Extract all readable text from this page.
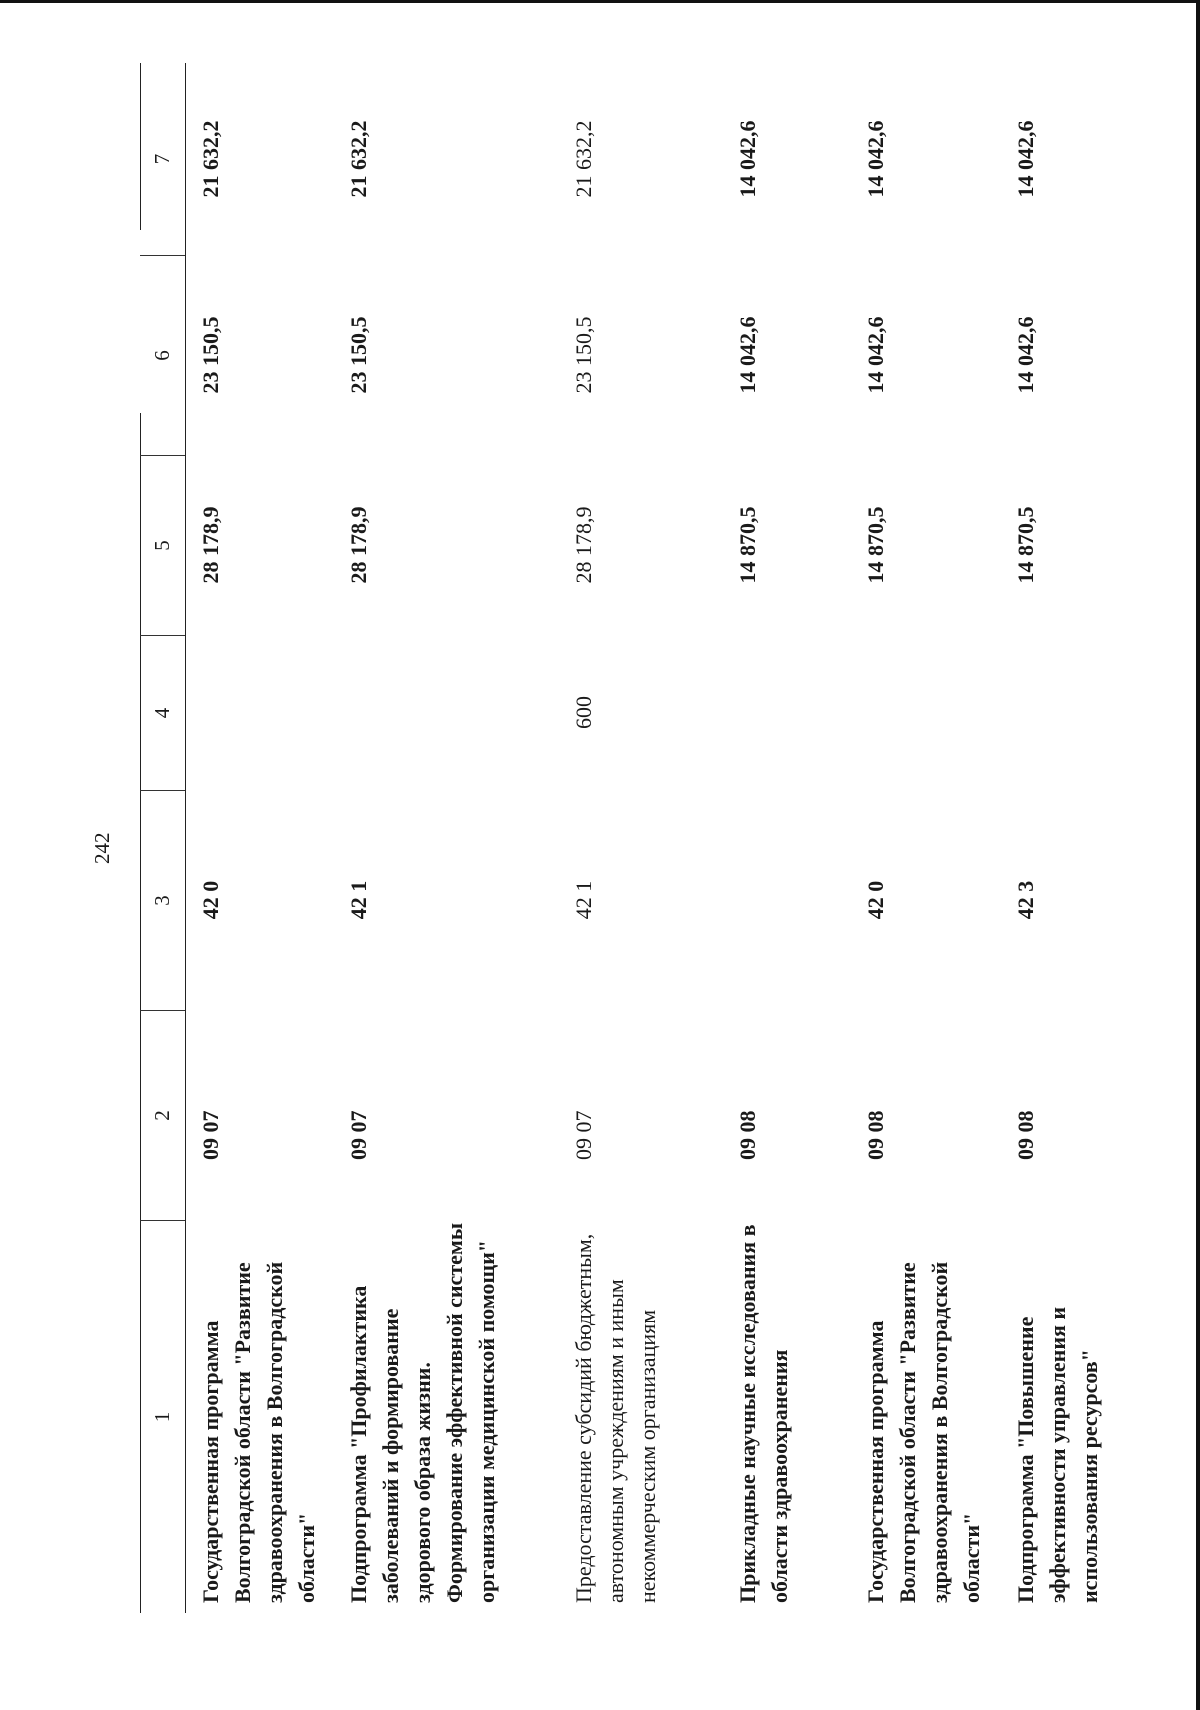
242
1
2
3
4
5
6
7
Государственная программа Волгоградской области "Развитие здравоохранения в Волгоградской области"
09 07
42 0
28 178,9
23 150,5
21 632,2
Подпрограмма "Профилактика заболеваний и формирование здорового образа жизни. Формирование эффективной системы организации медицинской помощи"
09 07
42 1
28 178,9
23 150,5
21 632,2
Предоставление субсидий бюджетным, автономным учреждениям и иным некоммерческим организациям
09 07
42 1
600
28 178,9
23 150,5
21 632,2
Прикладные научные исследования в области здравоохранения
09 08
14 870,5
14 042,6
14 042,6
Государственная программа Волгоградской области "Развитие здравоохранения в Волгоградской области"
09 08
42 0
14 870,5
14 042,6
14 042,6
Подпрограмма "Повышение эффективности управления и использования ресурсов"
09 08
42 3
14 870,5
14 042,6
14 042,6
